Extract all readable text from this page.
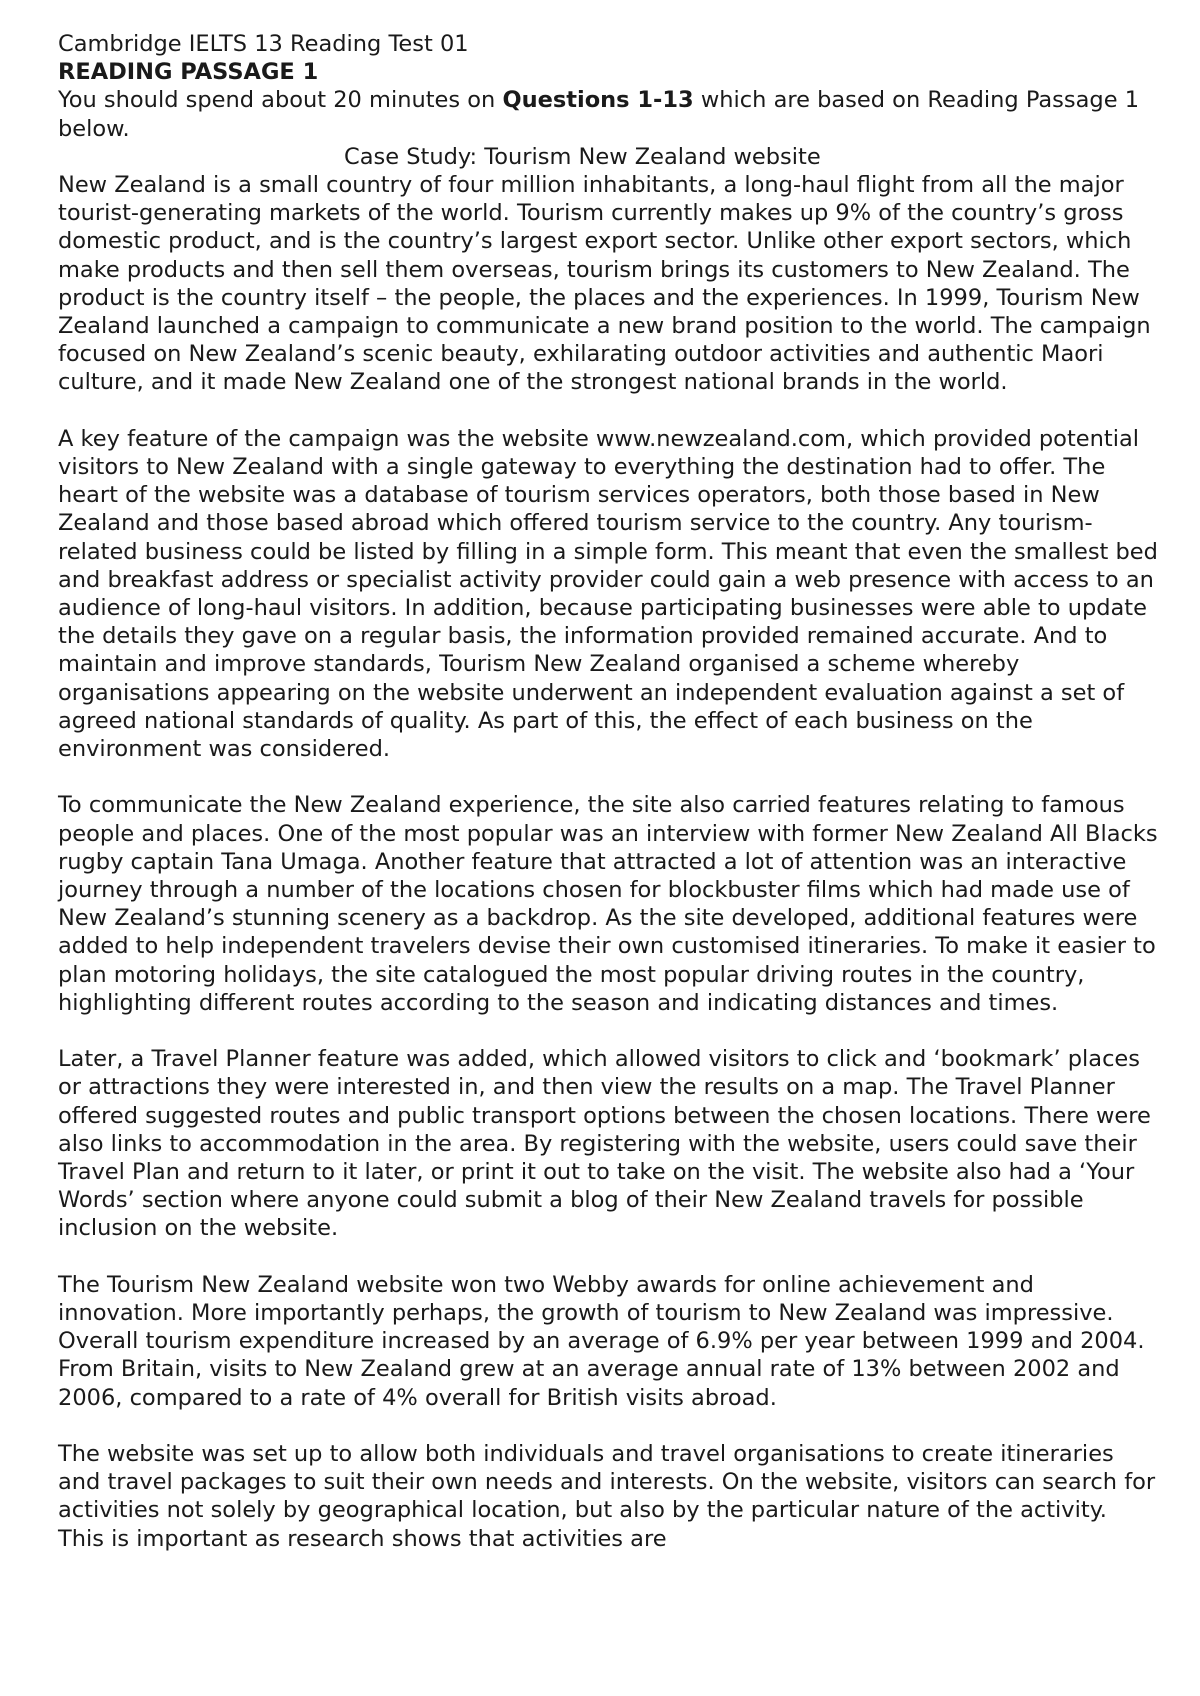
Cambridge IELTS 13 Reading Test 01

READING PASSAGE 1

You should spend about 20 minutes on Questions 1-13 which are based on Reading Passage 1 below.

Case Study: Tourism New Zealand website

New Zealand is a small country of four million inhabitants, a long-haul flight from all the major tourist-generating markets of the world. Tourism currently makes up 9% of the country’s gross domestic product, and is the country’s largest export sector. Unlike other export sectors, which make products and then sell them overseas, tourism brings its customers to New Zealand. The product is the country itself – the people, the places and the experiences. In 1999, Tourism New Zealand launched a campaign to communicate a new brand position to the world. The campaign focused on New Zealand’s scenic beauty, exhilarating outdoor activities and authentic Maori culture, and it made New Zealand one of the strongest national brands in the world.

A key feature of the campaign was the website www.newzealand.com, which provided potential visitors to New Zealand with a single gateway to everything the destination had to offer. The heart of the website was a database of tourism services operators, both those based in New Zealand and those based abroad which offered tourism service to the country. Any tourism-related business could be listed by filling in a simple form. This meant that even the smallest bed and breakfast address or specialist activity provider could gain a web presence with access to an audience of long-haul visitors. In addition, because participating businesses were able to update the details they gave on a regular basis, the information provided remained accurate. And to maintain and improve standards, Tourism New Zealand organised a scheme whereby organisations appearing on the website underwent an independent evaluation against a set of agreed national standards of quality. As part of this, the effect of each business on the environment was considered.

To communicate the New Zealand experience, the site also carried features relating to famous people and places. One of the most popular was an interview with former New Zealand All Blacks rugby captain Tana Umaga. Another feature that attracted a lot of attention was an interactive journey through a number of the locations chosen for blockbuster films which had made use of New Zealand’s stunning scenery as a backdrop. As the site developed, additional features were added to help independent travelers devise their own customised itineraries. To make it easier to plan motoring holidays, the site catalogued the most popular driving routes in the country, highlighting different routes according to the season and indicating distances and times.

Later, a Travel Planner feature was added, which allowed visitors to click and ‘bookmark’ places or attractions they were interested in, and then view the results on a map. The Travel Planner offered suggested routes and public transport options between the chosen locations. There were also links to accommodation in the area. By registering with the website, users could save their Travel Plan and return to it later, or print it out to take on the visit. The website also had a ‘Your Words’ section where anyone could submit a blog of their New Zealand travels for possible inclusion on the website.

The Tourism New Zealand website won two Webby awards for online achievement and innovation. More importantly perhaps, the growth of tourism to New Zealand was impressive. Overall tourism expenditure increased by an average of 6.9% per year between 1999 and 2004. From Britain, visits to New Zealand grew at an average annual rate of 13% between 2002 and 2006, compared to a rate of 4% overall for British visits abroad.

The website was set up to allow both individuals and travel organisations to create itineraries and travel packages to suit their own needs and interests. On the website, visitors can search for activities not solely by geographical location, but also by the particular nature of the activity. This is important as research shows that activities are
